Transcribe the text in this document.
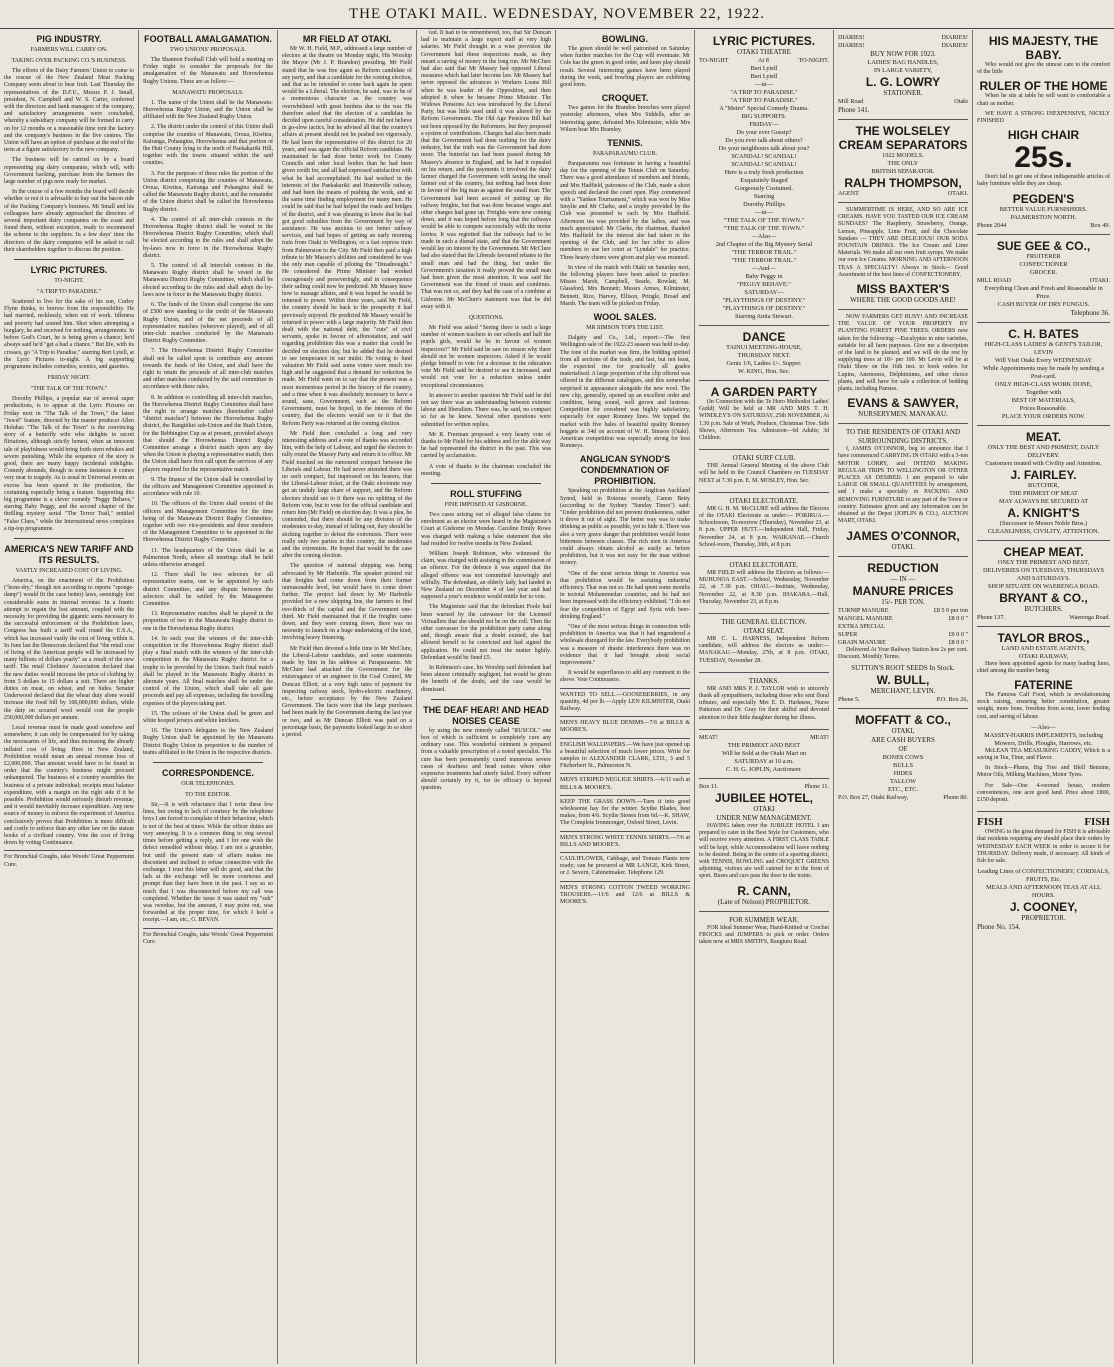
THE OTAKI MAIL. WEDNESDAY, NOVEMBER 22, 1922.
PIG INDUSTRY.
FARMERS WILL CARRY ON.
TAKING OVER PACKING CO.'S BUSINESS.

The efforts of the Dairy Farmers' Union to come to the rescue of the New Zealand Meat Packing Company seem about to bear fruit. Last Thursday the representatives of the D.F.U., Messrs P. J. Small, president, N. Campbell and W. S. Carter, conferred with the directors and bank managers of the company, and satisfactory arrangements were concluded, whereby a subsidiary company will be formed to carry on for 12 months or a reasonable time rent the factory and the company's business in the five centres. The Union will have an option of purchase at the end of the term at a figure satisfactory to the new company.

The business will be carried on by a board representing pig dairy companies, which will, with Government backing, purchase from the farmers the large number of pigs now ready for market.

In the course of a few months the board will decide whether or not it is advisable to buy out the bacon side of the Packing Company's business. Mr Small and his colleagues have already approached the directors of several important dairy companies on the coast and found them, without exception, ready to recommend the scheme to the suppliers. In a few days' time the directors of the dairy companies will be asked to call their shareholders together to discuss the position.

LYRIC PICTURES.
TO-NIGHT.
"A TRIP TO PARADISE."

Scattered to live for the sake of his son, Curley Flynn thinks, to borrow from the responsibility. He had married, recklessly, when out of work. Idleness and poverty had soured him. Shot when attempting a burglary, he and received for nothing, arrangements. In before God's Court, he is being given a chance; he'd always said he'd "get a bad a chance." But life, with its crosses, go "A Trip to Paradise," starring Bert Lytell, at the Lyric Pictures to-night. A big supporting programme includes comedies, scenics, and gazettes.

FRIDAY NIGHT.
"THE TALK OF THE TOWN."

Dorothy Phillips, a popular star of several super productions, is to appear at the Lyric Pictures on Friday next in "The Talk of the Town," the latest "Jewel" feature, directed by the master producer Allen Holubar. "The Talk of the Town" is the convincing story of a butterfly wife who delights in secret flirtations, although strictly honest, when an innocent tale of playfulness would bring forth stern rebukes and severe punishing. While the sequence of the story is good, there are many happy incidental sidelights. Comedy abounds, though in some instances it comes very near to tragedy. As is usual in Universal events an excess has been spared in the production, the costuming especially being a feature. Supporting this big programme is a clever comedy "Peggy Behave," starring Baby Peggy, and the second chapter of the thrilling mystery serial "The Terror Trail," entitled "False Clues," while the International news completes a tip-top programme.

AMERICA'S NEW TARIFF AND ITS RESULTS.
VASTLY INCREASED COST OF LIVING.

America, on the enactment of the Prohibition ("bone-dry," though not according to reports "sponge-damp") would fit the case better) laws, seemingly lost considerable sums in internal revenue. In a frantic attempt to regain the lost amount, coupled with the necessity for providing the gigantic sums necessary to the successful enforcement of the Prohibition laws, Congress has built a tariff wall round the U.S.A., which has increased vastly the cost of living within it. In June last the Democrats declared that "the retail cost of living of the American people will be increased by many billions of dollars yearly" as a result of the new tariff. The retail Clothiers' Association declared that the new duties would increase the price of clothing by from 5 dollars to 15 dollars a suit. There are higher duties on meat, on wheat, and on hides. Senator Underwood declared that the wheat duty alone would increase the food bill by 100,000,000 dollars, while the duty on scoured wool would cost the people 250,000,000 dollars per annum.

Local revenue must be made good somehow and somewhere; it can only be compensated for by taking the necessaries of life, and thus increasing the already inflated cost of living. Here in New Zealand, Prohibition would mean an annual revenue loss of £2,000,000. That amount would have to be found in order that the country's business might proceed unhampered. The business of a country resembles the business of a private individual; receipts must balance expenditure, with a margin on the right side if it be possible. Prohibition would seriously disturb revenue, and it would inevitably increase expenditure. Any new source of money to enforce the experiment of America conclusively proves that Prohibition is more difficult and costly to enforce than any other law on the statute books of a civilised country. Vote the cost of living down by voting Continuance.

For Bronchial Coughs, take Woods' Great Peppermint Cure.
FOOTBALL AMALGAMATION.
TWO UNIONS' PROPOSALS.

The Shannon Football Club will hold a meeting on Friday night to consider the proposals for the amalgamation of the Manawatu and Horowhenua Rugby Unions. These are as follow:—

MANAWATU PROPOSALS.

1. The name of the Union shall be the Manawatu-Horowhenua Rugby Union, and the Union shall be affiliated with the New Zealand Rugby Union.

2. The district under the control of this Union shall comprise the counties of Manawatu, Oroua, Kiwitea, Kairanga, Pohangina, Horowhenua and that portion of the Hutt County lying to the north of Paekakariki Hill, together with the towns situated within the said counties.

3. For the purposes of these rules the portion of the Union district comprising the counties of Manawatu, Oroua, Kiwitea, Kairanga and Pohangina shall be called the Manawatu Rugby district, and the remainder of the Union district shall be called the Horowhenua Rugby district.

4. The control of all inter-club contests in the Horowhenua Rugby district shall be vested in the Horowhenua District Rugby Committee, which shall be elected according to the rules and shall adopt the by-laws now in force in the Horowhenua Rugby district.

5. The control of all interclub contests in the Manawatu Rugby district shall be vested in the Manawatu District Rugby Committee, which shall be elected according to the rules and shall adopt the by-laws now in force in the Manawatu Rugby district.

6. The funds of the Union shall comprise the sum of £500 now standing to the credit of the Manawatu Rugby Union, and of the net proceeds of all representative matches (wherever played), and of all inter-club matches conducted by the Manawatu District Rugby Committee.

7. The Horowhenua District Rugby Committee shall not be called upon to contribute any amount towards the funds of the Union, and shall have the right to retain the proceeds of all inter-club matches and other matches conducted by the said committee in accordance with these rules.

8. In addition to controlling all inter-club matches, the Horowhenua District Rugby Committee shall have the right to arrange matches (hereinafter called "district matches") between the Horowhenua Rugby district, the Rangitikei sub-Union and the Bush Union, for the Bebbington Cup as at present, provided always that should the Horowhenua District Rugby Committee arrange a district match upon any day when the Union is playing a representative match, then the Union shall have first call upon the services of any players required for the representative match.

9. The finance of the Union shall be controlled by the officers and Management Committee appointed in accordance with rule 10.

10. The officers of the Union shall consist of the officers and Management Committee for the time being of the Manawatu District Rugby Committee, together with two vice-presidents and three members of the Management Committee to be appointed in the Horowhenua District Rugby Committee.

11. The headquarters of the Union shall be at Palmerston North, where all meetings shall be held unless otherwise arranged.

12. There shall be two selectors for all representative teams, one to be appointed by each district Committee, and any dispute between the selectors shall be settled by the Management Committee.

13. Representative matches shall be played in the proportion of two in the Manawatu Rugby district to one in the Horowhenua Rugby district.

14. In each year the winners of the inter-club competition in the Horowhenua Rugby district shall play a final match with the winners of the inter-club competition in the Manawatu Rugby district for a trophy to be provided by the Union. Such final match shall be played in the Manawatu Rugby district in alternate years. All final matches shall be under the control of the Union, which shall take all gate proceeds and pay all expenses, including the travelling expenses of the players taking part.

15. The colours of the Union shall be green and white hooped jerseys and white knickers.

16. The Union's delegates to the New Zealand Rugby Union shall be appointed by the Manawatu District Rugby Union in proportion to the number of teams affiliated to the Union in the respective districts.

CORRESPONDENCE.
OUR TELEPHONES.
TO THE EDITOR.

Sir,—It is with reluctance that I write these few lines, but owing to lack of courtesy by the telephone boys I am forced to complain of their behaviour, which is not of the best at times. While the officer duties are very annoying. It is a common thing to ring several times before getting a reply, and I for one wish the defect remedied without delay. I am not a grumbler, but until the present state of affairs makes me discontent and inclined to refuse connection with the exchange. I trust this letter will do good, and that the lads at the exchange will be more courteous and prompt than they have been in the past. I say so so much that I was disconnected before my call was completed. Whether the issue it was stated my "sub" was overdue, but the amount, I may point out, was forwarded at the proper time, for which I hold a receipt.—I am, etc., G. BEVAN.

For Bronchial Coughs, take Woods' Great Peppermint Cure.
MR FIELD AT OTAKI.

Mr W. H. Field, M.P., addressed a large number of electors at the theatre on Monday night, His Worship the Mayor (Mr J. P. Brandon) presiding. Mr Field stated that he was free again as Reform candidate of any party, and that a candidate for the coming election, and that as he intended to come back again he spent would be a Liberal. The election, he said, was to be of a momentous character as the country was overwhelmed with great burdens due to the war. He therefore asked that the election of a candidate be decided upon careful consideration. He did not believe in go-slow tactics, but he advised all that the country's affairs at present should not be pushed too vigorously. He had been the representative of this district for 20 years, and was again the official Reform candidate. He maintained he had done better work for County Councils and other local bodies than he had been given credit for, and all had expressed satisfaction with what he had accomplished. He had worked in the interests of the Paekakariki and Hunterville railway, and had been the means of pushing the work, and at the same time finding employment for many men. He could be said that he had helped the roads and bridges of the district, and it was pleasing to know that he had got good subsidies from the Government by way of assistance. He was anxious to see better railway services, and had hopes of getting an early morning train from Otaki to Wellington, or a fast express train from Palmerston to the City. Mr Field then paid a high tribute to Mr Massey's abilities and considered he was the only man capable of piloting the "Dreadnought." He considered the Prime Minister had worked courageously and perseveringly, and in consequence their sailing could now be predicted. Mr Massey knew how to manage affairs, and it was hoped he would be returned to power. Within three years, said Mr Field, the country should be back to the prosperity it had previously enjoyed. He predicted Mr Massey would be returned to power with a large majority. Mr Field then dealt with the national debt, the "cuts" of civil servants, spoke in favour of afforestation, and said regarding prohibition this was a matter that could be decided on election day, but he added that he desired to see temperance in our midst. He voting to fund valuation Mr Field said some voters were much too high and he suggested that a demand for reduction be made. Mr Field went on to say that the present was a most momentous period in the history of the country, and a time when it was absolutely necessary to have a sound, sane, Government, such as the Reform Government, must be hoped, in the interests of the country, that the electors would see to it that the Reform Party was returned at the coming election.

Mr Field then concluded a long and very interesting address and a vote of thanks was accorded him, with the help of Labour, and urged the electors to rally round the Massey Party and return it to office. Mr Field touched on the rumoured compact between the Liberals and Labour. He had never attended there was no such compact, but impressed on his hearers, that the Liberal-Labour ticket, at the Otaki electorate may get an unduly large share of support, and the Reform electors should see to it there was no splitting of the Reform vote, but to vote for the official candidate and return him (Mr Field) on election day. It was a plea, he contended, that there should be any division of the moderates to-day, instead of falling out, they should be sticking together to defeat the extremists. There were really only two parties in this country, the moderates and the extremists. He hoped that would be the case after the coming election.

The question of national shipping was being advocated by Mr Harbottle. The speaker pointed out that freights had come down from their former unreasonable level, but would have to come down further. The project laid down by Mr Harbottle provided for a new shipping line, the farmers to find two-thirds of the capital and the Government one-third. Mr Field maintained that if the freights came down, and they were coming down, there was no necessity to launch on a huge undertaking of the kind, involving heavy financing.

Mr Field then devoted a little time to Mr McClure, the Liberal-Labour candidate, and some statements made by him in his address at Paraparaumu. Mr McClure had attacked the Government for the extravagance of an engineer to the Coal Control, Mr Duncan Elliott, at a very high rates of payment for inspecting railway stock, hydro-electric machinery, etc., before acceptance by the New Zealand Government. The facts were that the large purchases had been made by the Government during the last year or two, and as Mr Duncan Elliott was paid on a percentage basis, the payments looked large in so short a period.

iod. It had to be remembered, too, that Sir Duncan had to maintain a large expert staff at very high salaries. Mr Field thought in a wise provision the Government had these inspections made, as they meant a saving of money in the long run. Mr McClure had also said that Mr Massey had opposed Liberal measures which had later become law. Mr Massey had never opposed the advances to Workers Loans Bill when he was leader of the Opposition, and then adopted it when he became Prime Minister. The Widows Pensions Act was introduced by the Liberal Party, but was little used until it was altered by the Reform Government. The Old Age Pensions Bill had not been opposed by the Reformers, but they proposed a system of contributions. Charges had also been made that the Government had done nothing for the dairy industry, but the truth was the Government had done more. The butterfat tax had been passed during Mr Massey's absence in England, and he had it repealed on his return, and the payments it involved the dairy farmer charged the Government with taxing the small farmer out of the country, but nothing had been done in favour of the big man as against the small man. The Government had been accused of putting up the railway freights, but that was done because wages and other charges had gone up. Freights were now coming down, and it was hoped before long that the railways would be able to compete successfully with the motor lorries. It was regretted that the railways had to be made in such a dismal state, and that the Government would lay on interest by the Government. Mr McClure had also stated that the Liberals favoured rebates to the small man and had the thing, but under the Government's taxation it really proved the small man had been given the most attention. It was said the Government was the friend of trusts and combines. That was not so, and they had the case of a combine at Gisborne. Mr McClure's statement was that he did away with it.

QUESTIONS.

Mr Field was asked "Seeing there is such a large number of women teachers in our schools and half the pupils girls, would he be in favour of women inspectors?" Mr Field said he saw no reason why there should not be women inspectors. Asked if he would pledge himself to vote for a decrease in the education vote Mr Field said he desired to see it increased, and would not vote for a reduction unless under exceptional circumstances.

In answer to another question Mr Field said he did not say there was an understanding between extreme labour and liberalism. There was, he said, no compact so far as he knew. Several other questions were submitted for written replies.

Mr R. Freeman proposed a very hearty vote of thanks to Mr Field for his address and for the able way he had represented the district in the past. This was carried by acclamation.

A vote of thanks to the chairman concluded the meeting.

ROLL STUFFING
FINE IMPOSED AT GISBORNE.

Two cases arising out of alleged false claims for enrolment as an elector were heard in the Magistrate's Court at Gisborne on Monday. Caroline Emily Rowe was charged with making a false statement that she had resided for twelve months in New Zealand.

William Joseph Robinson, who witnessed the claim, was charged with assisting in the commission of an offence. For the defence it was argued that the alleged offence was not committed knowingly and wilfully. The defendant, an elderly lady, had landed in New Zealand on December 4 of last year and had supposed a year's residence would entitle her to vote.

The Magistrate said that the defendant Poole had been warned by the canvasser for the Licensed Victuallers that she should not be on the roll. Then the other canvasser for the prohibition party came along and, though aware that a doubt existed, she had allowed herself to be convicted and had signed the application. He could not treat the matter lightly. Defendant would be fined £5.

In Robinson's case, his Worship said defendant had been almost criminally negligent, but would be given the benefit of the doubt, and the case would be dismissed.

THE DEAF HEAR! AND HEAD NOISES CEASE

by using the new remedy called "RUSCOL" one box of which is sufficient to completely cure any ordinary case. This wonderful ointment is prepared from a valuable prescription of a noted specialist. The cure has been permanently cured numerous severe cases of deafness and head noises where other expensive treatments had utterly failed. Every sufferer should certainly try it, for its efficacy is beyond question.

BOWLING.

The green should be well patronised on Saturday when further matches for the Cup will eventuate. Mr Cole has the green in good order, and keen play should result. Several interesting games have been played during the week, and bowling players are exhibiting good form.

CROQUET.

Two games for the Brandon brooches were played yesterday afternoon, when Mrs Siddells, after an interesting game, defeated Mrs Kilminster, while Mrs Wilson beat Mrs Bramley.

TENNIS.
PARAPARAUMU CLUB.

Paraparaumu was fortunate in having a beautiful day for the opening of the Tennis Club on Saturday. There was a good attendance of members and friends, and Mrs Hadfield, patroness of the Club, made a short speech and declared the court open. Play commenced with a "Yankee Tournament," which was won by Miss Smylie and Mr Clarke, and a trophy provided by the Club was presented to each by Mrs Hadfield. Afternoon tea was provided by the ladies, and was much appreciated. Mr Clarke, the chairman, thanked Mrs Hadfield for the interest she had taken in the opening of the Club, and for her offer to allow members to use her court at "Lyndale" for practice. Three hearty cheers were given and play was resumed.

In view of the match with Otaki on Saturday next, the following players have been asked to practice: Misses Marsh, Campbell, Searle, Rowlatt, M. Glassford, Mrs Bennett; Messrs Armes, Kilminster, Bennett, Rice, Harvey, Ellison, Pringle, Broad and Marsh. The team will be picked on Friday.

WOOL SALES.
MR SIMSON TOPS THE LIST.

Dalgety and Co., Ltd., report:—The first Wellington sale of the 1922-23 season was held to-day. The tone of the market was firm, the bidding spirited from all sections of the trade, and fast, but not least, the expected rise for practically all grades materialised. A large proportion of the clip offered was offered in the different catalogues, and this somewhat surprised in appearance alongside the new wool. The new clip, generally, opened up an excellent order and condition, being sound, well grown and lustrous. Competition for crossbred was highly satisfactory, especially for super Romney lines. We topped the market with five bales of beautiful quality Romney hoggets at 34d on account of W. H. Simson (Otaki). American competition was especially strong for best Romneys.

ANGLICAN SYNOD'S CONDEMNATION OF PROHIBITION.

Speaking on prohibition at the Anglican Auckland Synod, held in Rotorua recently, Canon Betty (according to the Sydney "Sunday Times") said: "Under prohibition did not prevent drunkenness, rather it drove it out of sight. The better way was to make drinking as public as possible, yet to hide it. There was also a very grave danger that prohibition would foster bitterness between classes. The rich men in America could always obtain alcohol as easily as before prohibition, but it was not easy for the man without money.

"One of the most serious things in America was that prohibition would be assisting industrial efficiency. That was not so. He had spent some months in tectotal Mohammedan countries, and he had not been impressed with the efficiency exhibited. "I do not fear the competition of Egypt and Syria with beer-drinking England."

"One of the most serious things in connection with prohibition in America was that it had engendered a wholesale disregard for the law. Everybody prohibition was a measure of drastic interference there was no evidence that it had brought about social improvement."

It would be superfluous to add any comment to the above. Vote Continuance.

WANTED TO SELL.—GOOSEBERRIES, in any quantity, 4d per lb.—Apply LEN KILMISTER, Otaki Railway.
MEN'S HEAVY BLUE DENIMS—7/6 at BILLS & MOORE'S.
ENGLISH WALLPAPERS.—We have just opened up a beautiful selection of much lower prices. Write for samples to ALEXANDER CLARK, LTD., 3 and 5 Fitzherbert St., Palmerston N.
MEN'S STRIPED NEGLIGE SHIRTS.—6/11 each at BILLS & MOORE'S.
KEEP THE GRASS DOWN.—Turn it into good wholesome hay for the winter. Scythe Blades, best makes, from 4/6. Scythe Stones from 6d.—K. SHAW, The Complete Ironmonger, Oxford Street, Levin.
MEN'S STRONG WHITE TENNIS SHIRTS.—7/6 at BILLS AND MOORE'S.
CAULIFLOWER, Cabbage, and Tomato Plants now ready; can be procured at MR LANGE, Kirk Street, or J. Severn, Cabinetmaker. Telephone 129.
MEN'S STRONG COTTON TWEED WORKING TROUSERS.—11/6 and 12/6 at BILLS & MOORE'S.
LYRIC PICTURES.
OTAKI THEATRE
TO-NIGHT	At 8	TO-NIGHT.
Bert Lytell
Bert Lytell
—in—
"A TRIP TO PARADISE."
"A TRIP TO PARADISE."
A "Metro" Special Comedy Drama.
BIG SUPPORTS.
FRIDAY—
Do your ever Gossip?
Do you ever talk about others?
Do your neighbours talk about you?
SCANDAL! SCANDAL!
SCANDAL! SCANDAL!
Here is a truly fresh production
Exquisitely Staged
Gorgeously Costumed.
Starring
Dorothy Phillips
—in—
"THE TALK OF THE TOWN."
"THE TALK OF THE TOWN."
—Also—
2nd Chapter of the Big Mystery Serial
"THE TERROR TRAIL."
"THE TERROR TRAIL."
—And—
Baby Peggy in
"PEGGY BEHAVE."
SATURDAY—
"PLAYTHINGS OF DESTINY."
"PLAYTHINGS OF DESTINY."
Starring Anita Stewart.
DANCE
TAINUI MEETING-HOUSE,
THURSDAY NEXT.
Gents 1/6, Ladies 1/-. Supper.
W. KING, Hon. Sec.
A GARDEN PARTY

(In Connection with the Te Horo Methodist Ladies' Guild) Will be held at MR AND MRS T. H. WINDLEY'S ON SATURDAY, 25th NOVEMBER, At 1.30 p.m. Sale of Work, Produce, Christmas Tree. Side Shows, Afternoon Tea. Admission—6d Adults; 3d Children.

OTAKI SURF CLUB.

THE Annual General Meeting of the above Club will be held in the Council Chambers on TUESDAY NEXT at 7.30 p.m. E. M. MOSLEY, Hon. Sec.

OTAKI ELECTORATE.

MR G. H. M. McCLURE will address the Electors of the OTAKI Electorate as under:— PORIRUA.—Schoolroom, To-morrow (Thursday), November 23, at 8 p.m. UPPER HUTT.—Independent Hall, Friday, November 24, at 8 p.m. WAIKANAE.—Church School-room, Thursday, 30th, at 8 p.m.

OTAKI ELECTORATE.

MR FIELD will address the Electors as follows:— MUHUNOA EAST.—School, Wednesday, November 22, at 7.30 p.m. OHAU.—Institute, Wednesday, November 22, at 8.30 p.m. IHAKARA.—Hall, Thursday, November 23, at 8 p.m.

THE GENERAL ELECTION.
OTAKI SEAT.

MR C. L. HARNESS, Independent Reform candidate, will address the electors as under:— MANAKAU.—Monday, 27th, at 8 p.m. OTAKI, TUESDAY, November 28.

THANKS.

MR AND MRS P. J. TAYLOR wish to sincerely thank all sympathisers, including those who sent floral tributes, and especially Mrs E. D. Harkness, Nurse Patterson and Dr. Gray for their skilful and devoted attention to their little daughter during her illness.

MEAT!	MEAT!
THE PRIMEST AND BEST
Will be Sold at the Otaki Mart on
SATURDAY at 10 a.m.
C. H. G. JOPLIN, Auctioneer.
Box 11.	Phone 11.
JUBILEE HOTEL,
OTAKI
UNDER NEW MANAGEMENT.

HAVING taken over the JUBILEE HOTEL I am prepared to cater in the Best Style for Customers, who will receive every attention. A FIRST CLASS TABLE will be kept, while Accommodation will leave nothing to be desired. Being in the centre of a sporting district, with TENNIS, BOWLING and CROQUET GREENS adjoining, visitors are well catered for in the form of sport. Buses and cars pass the door to the trains.

R. CANN,
(Late of Nelson) PROPRIETOR.
FOR SUMMER WEAR.

FOR Ideal Summer Wear, Hand-Knitted or Crochet FROCKS and JUMPERS to pick or order. Orders taken now at MRS SMITH'S, Rangiuru Road.

DIARIES!	DIARIES!
DIARIES!	DIARIES!
BUY NOW FOR 1923.
LADIES' BAG HANDLES,
IN LARGE VARIETY,
L. G. LOWRY
STATIONER.
Mill Road	Otaki
Phone 141.
THE WOLSELEY CREAM SEPARATORS
1922 MODELS.
THE ONLY
BRITISH SEPARATOR.
RALPH THOMPSON,
AGENT	OTAKI.

SUMMERTIME IS HERE, AND SO ARE ICE CREAMS. HAVE YOU TASTED OUR ICE CREAM SUNDAES? The Raspberry, Strawberry, Orange, Lemon, Pineapple, Lime Fruit, and the Chocolate Sundaes — THEY ARE DELICIOUS! OUR SODA FOUNTAIN DRINKS. The Ice Cream and Lime Materials. We make all our own fruit syrups. We make our own Ice Creams. MORNING AND AFTERNOON TEAS A SPECIALTY! Always in Stock— Good Assortment of the best lines of CONFECTIONERY.

MISS BAXTER'S
WHERE THE GOOD GOODS ARE!

NOW FARMERS GET BUSY! AND INCREASE THE VALUE OF YOUR PROPERTY BY PLANTING FOREST PINE TREES. ORDERS now taken for the following:—Eucalyptus in nine varieties, suitable for all farm purposes. Give me a description of the land to be planted, and we will do the rest by supplying trees at 10/- per 100. Mr Levin will be at Otaki Show on the 16th inst. to book orders for Lupins, Anemones, Delphiniums, and other choice plants, and will have for sale a collection of bedding plants, including Pansies.

EVANS & SAWYER,
NURSERYMEN, MANAKAU.
TO THE RESIDENTS OF OTAKI AND SURROUNDING DISTRICTS.

I, JAMES O'CONNOR, beg to announce that I have commenced CARRYING IN OTAKI with a 3-ton MOTOR LORRY, and INTEND MAKING REGULAR TRIPS TO WELLINGTON OR OTHER PLACES AS DESIRED. I am prepared to take LARGE OR SMALL QUANTITIES by arrangement, and I make a specialty in PACKING AND REMOVING FURNITURE to any part of the Town or country. Estimates given and any information can be obtained at the Depot (JOPLIN & CO.), AUCTION MART, OTAKI.

JAMES O'CONNOR,
OTAKI.
REDUCTION
— IN —
MANURE PRICES
15/- PER TON.
TURNIP MANURE	£8 5 0 per ton
MANGEL MANURE	£8 0 0 "
EXTRA SPECIAL
SUPER	£9 0 0 "
GRAIN MANURE	£8 0 0 "

Delivered At Your Railway Station less 2s per cent. Discount. Monthly Terms.

SUTTON'S ROOT SEEDS In Stock.
W. BULL,
MERCHANT, LEVIN.
Phone 5.	P.O. Box 26,
MOFFATT & CO.,
OTAKI,
ARE CASH BUYERS
OF
BONES COWS
BULLS
HIDES
TALLOW
ETC., ETC.
P.O. Box 27, Otaki Railway,	Phone 80.
HIS MAJESTY, THE BABY.

Who would not give the utmost care to the comfort of the little

RULER OF THE HOME

When he sits at table he will want to comfortable a chair as mother.

WE HAVE A STRONG INEXPENSIVE, NICELY FINISHED

HIGH CHAIR
25s.

Don't fail to get one of these indispensible articles of baby furniture while they are cheap.

PEGDEN'S
BETTER VALUE FURNISHERS.
PALMERSTON NORTH.
Phone 2044	Box 49.
SUE GEE & CO.,
FRUITERER
CONFECTIONER
GROCER.
MILL ROAD	OTAKI.
Everything Clean and Fresh and Reasonable in Price.
CASH BUYER OF DRY FUNGUS.
Telephone 36.
C. H. BATES
HIGH-CLASS LADIES' & GENT'S TAILOR,
LEVIN
Will Visit Otaki Every WEDNESDAY
While Appointments may be made by sending a Post-card.
ONLY HIGH-CLASS WORK DONE,
Together with
BEST OF MATERIALS,
Prices Reasonable.
PLACE YOUR ORDERS NOW.
MEAT.
ONLY THE BEST AND PRIMEST, DAILY DELIVERY.
Customers treated with Civility and Attention.
J. FAIRLEY.
BUTCHER,
THE PRIMEST OF MEAT
MAY ALWAYS BE SECURED AT
A. KNIGHT'S
(Successor to Messrs Noble Bros.)
CLEANLINESS, CIVILITY, ATTENTION.
CHEAP MEAT.
ONLY THE PRIMEST AND BEST,
DELIVERIES ON TUESDAYS, THURSDAYS AND SATURDAYS.
SHOP SITUATE ON WAERENGA ROAD.
BRYANT & CO.,
BUTCHERS.
Phone 137.	Waerenga Road.
TAYLOR BROS.,
LAND AND ESTATE AGENTS,
OTAKI RAILWAY,

Have been appointed agents for many leading lines, chief among the number being

FATERINE

The Famous Calf Food, which is revolutionising stock raising, ensuring better constitution, greater weight, more bone, freedom from scour, lower feeding cost, and saving of labour.

—Also—
MASSEY-HARRIS IMPLEMENTS, including Mowers, Drills, Ploughs, Harrows, etc.

McLEAN TEA MEASURING CADDY, Which is a saving in Tea, Time, and Flavor.

In Stock—Plums, Big Tree and Blell Benzine, Motor Oils, Milking Machines, Motor Tyres.

For Sale—One 4-roomed house, modern conveniences, one acre good land. Price about £800, £150 deposit.

FISH	FISH

OWING to the great demand for FISH it is advisable that residents requiring any should place their orders by WEDNESDAY EACH WEEK in order to secure it for THURSDAY. Delivery made, if necessary. All kinds of fish for sale.

Leading Lines of CONFECTIONERY, CORDIALS, FRUITS, Etc.
MEALS AND AFTERNOON TEAS AT ALL HOURS.
J. COONEY,
PROPRIETOR.
Phone No. 154.
